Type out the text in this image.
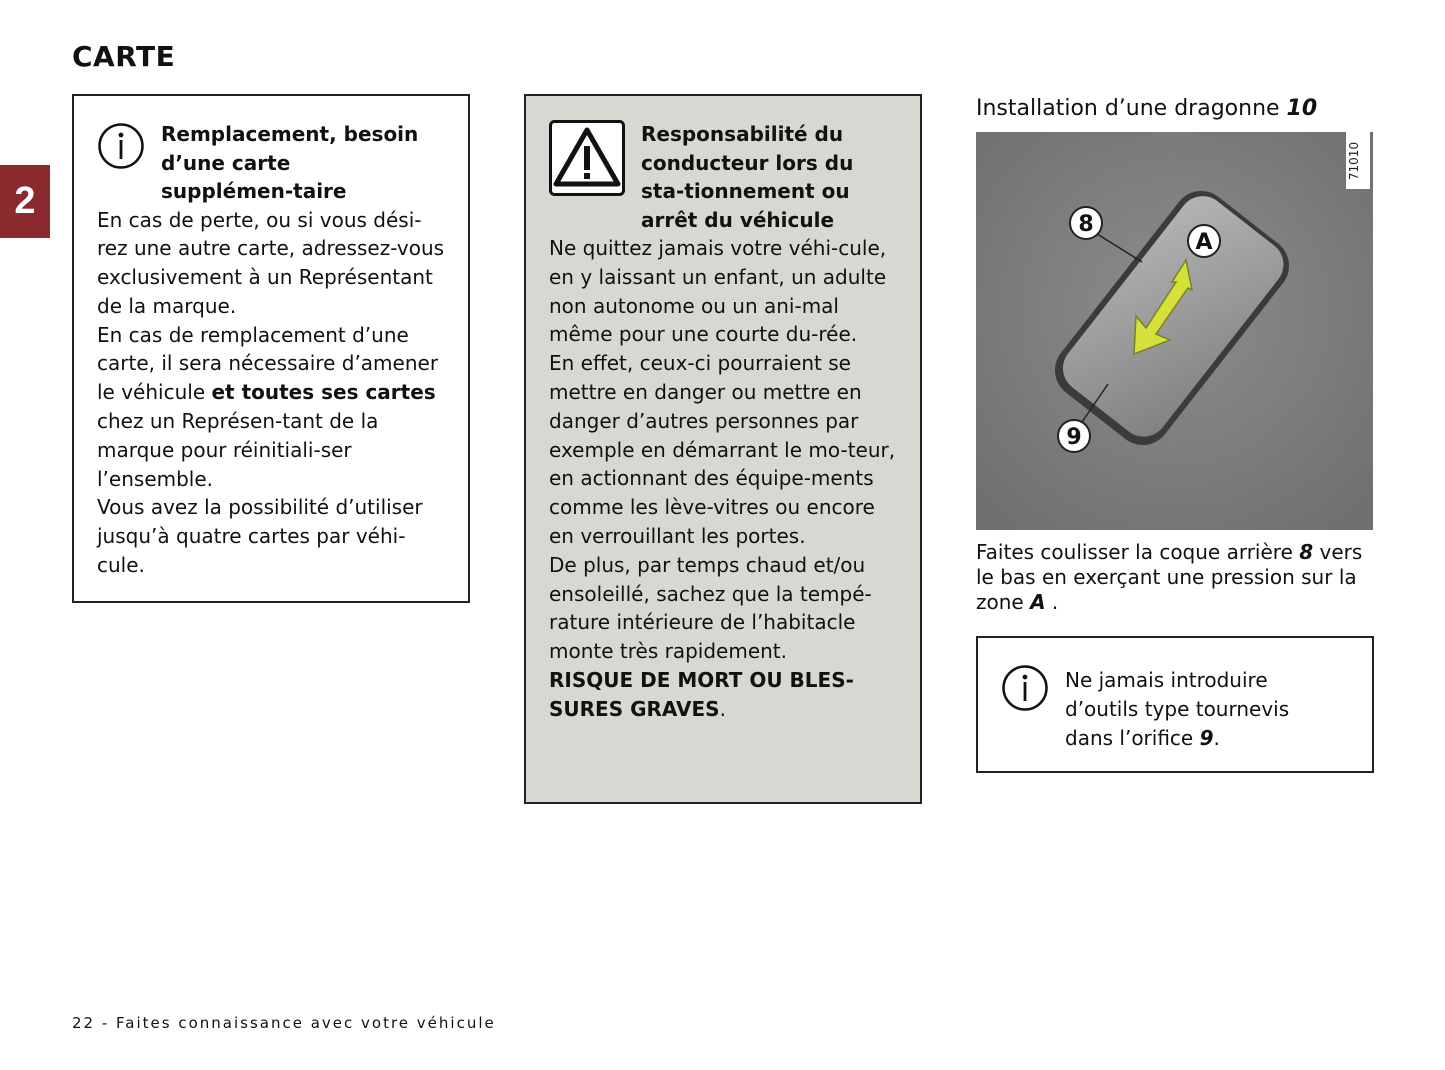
2
CARTE

Remplacement, besoin d’une carte supplémen-taire

En cas de perte, ou si vous dési-rez une autre carte, adressez-vous exclusivement à un Représentant de la marque.

En cas de remplacement d’une carte, il sera nécessaire d’amener le véhicule et toutes ses cartes chez un Représen-tant de la marque pour réinitiali-ser l’ensemble.

Vous avez la possibilité d’utiliser jusqu’à quatre cartes par véhi-cule.

Responsabilité du conducteur lors du sta-tionnement ou arrêt du véhicule

Ne quittez jamais votre véhi-cule, en y laissant un enfant, un adulte non autonome ou un ani-mal même pour une courte du-rée.

En effet, ceux-ci pourraient se mettre en danger ou mettre en danger d’autres personnes par exemple en démarrant le mo-teur, en actionnant des équipe-ments comme les lève-vitres ou encore en verrouillant les portes.

De plus, par temps chaud et/ou ensoleillé, sachez que la tempé-rature intérieure de l’habitacle monte très rapidement.

RISQUE DE MORT OU BLES-SURES GRAVES.

Installation d’une dragonne 10
71010
8
A
9

Faites coulisser la coque arrière 8 vers le bas en exerçant une pression sur la zone A .

Ne jamais introduire d’outils type tournevis dans l’orifice 9.

22 - Faites connaissance avec votre véhicule
